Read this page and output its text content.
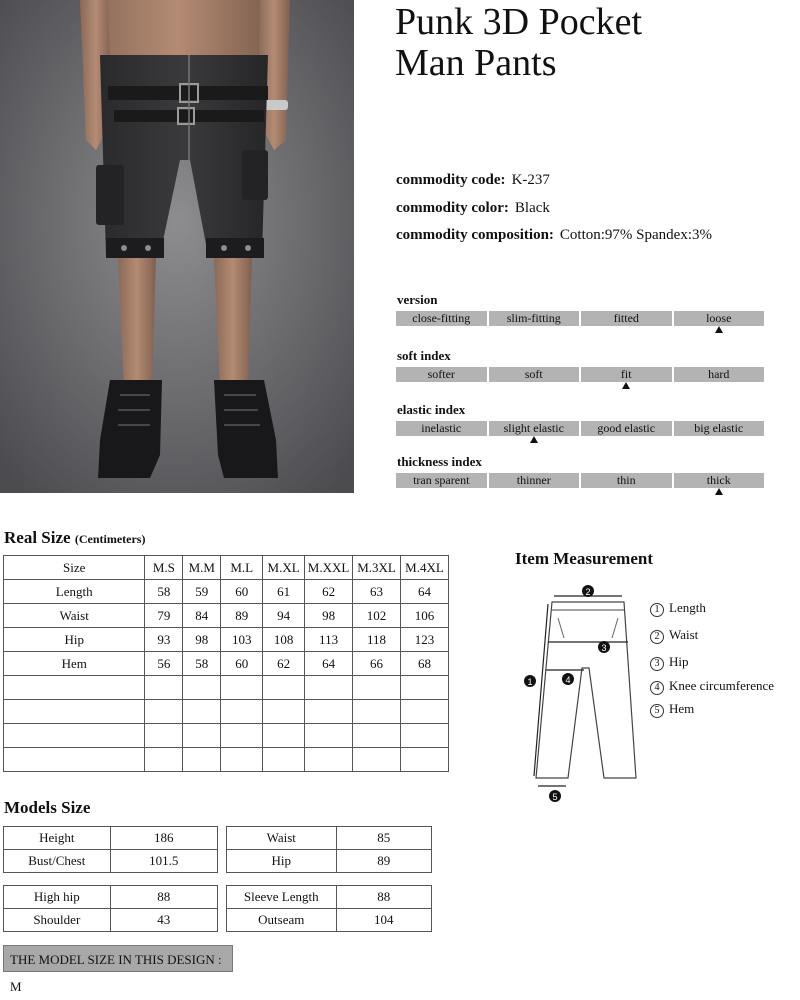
Punk 3D Pocket
Man Pants
commodity code: K-237
commodity color: Black
commodity composition: Cotton:97% Spandex:3%
version
close-fitting	slim-fitting	fitted	loose
soft index
softer	soft	fit	hard
elastic index
inelastic	slight elastic	good elastic	big elastic
thickness index
tran sparent	thinner	thin	thick
Real Size (Centimeters)
Size	M.S	M.M	M.L	M.XL	M.XXL	M.3XL	M.4XL
Length	58	59	60	61	62	63	64
Waist	79	84	89	94	98	102	106
Hip	93	98	103	108	113	118	123
Hem	56	58	60	62	64	66	68

Item Measurement
2
3
4
1
5
1 Length
2 Waist
3 Hip
4 Knee circumference
5 Hem
Models Size
Height	186
Bust/Chest	101.5
Waist	85
Hip	89
High hip	88
Shoulder	43
Sleeve Length	88
Outseam	104
THE MODEL SIZE IN THIS DESIGN : M
